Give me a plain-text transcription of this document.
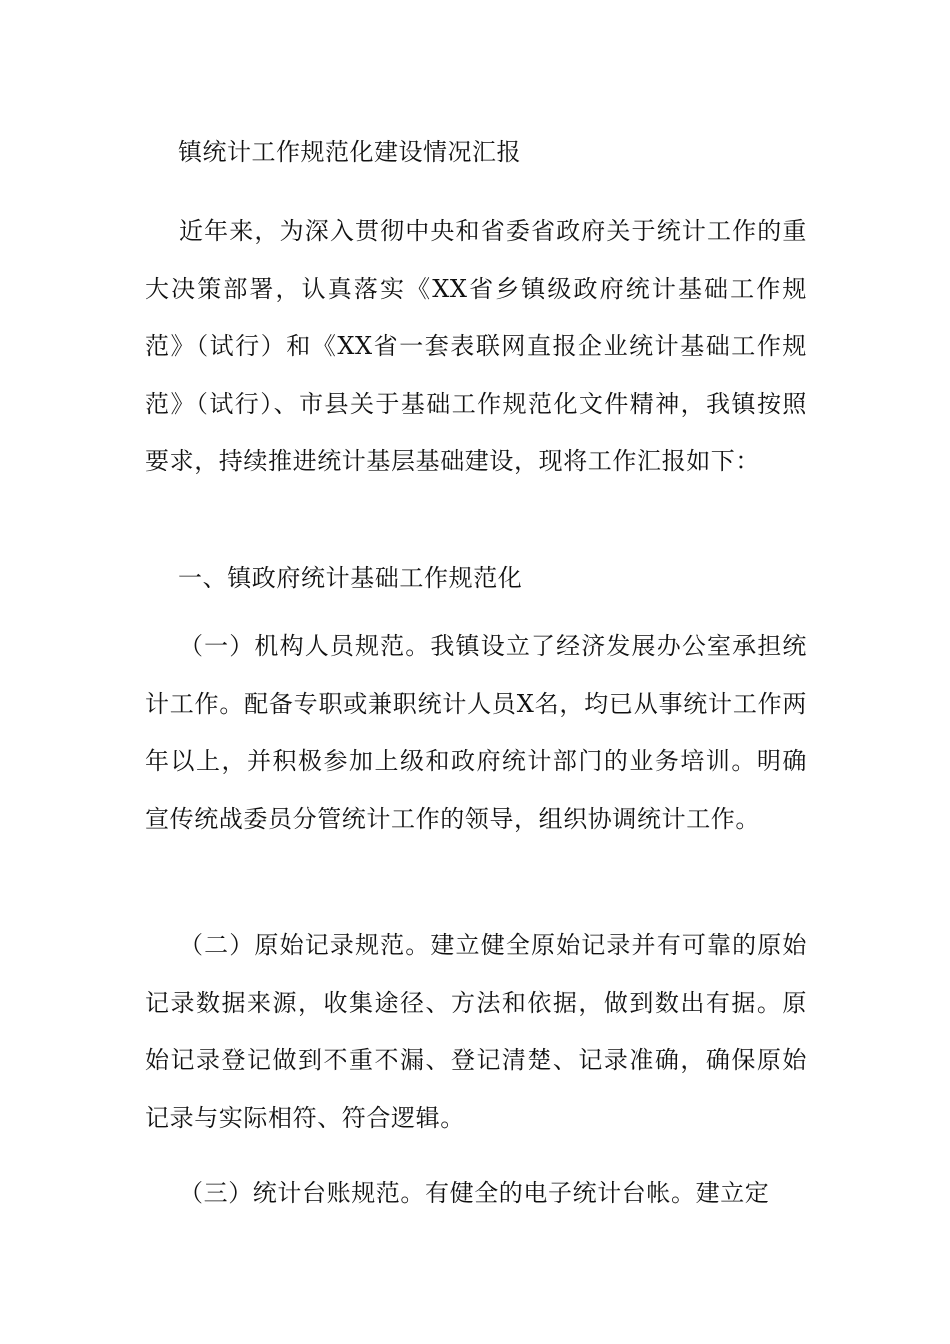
镇统计工作规范化建设情况汇报
近年来，为深入贯彻中央和省委省政府关于统计工作的重大决策部署，认真落实《XX省乡镇级政府统计基础工作规范》（试行）和《XX省一套表联网直报企业统计基础工作规范》（试行）、市县关于基础工作规范化文件精神，我镇按照要求，持续推进统计基层基础建设，现将工作汇报如下：
一、镇政府统计基础工作规范化
（一）机构人员规范。我镇设立了经济发展办公室承担统计工作。配备专职或兼职统计人员X名，均已从事统计工作两年以上，并积极参加上级和政府统计部门的业务培训。明确宣传统战委员分管统计工作的领导，组织协调统计工作。
（二）原始记录规范。建立健全原始记录并有可靠的原始记录数据来源，收集途径、方法和依据，做到数出有据。原始记录登记做到不重不漏、登记清楚、记录准确，确保原始记录与实际相符、符合逻辑。
（三）统计台账规范。有健全的电子统计台帐。建立定
